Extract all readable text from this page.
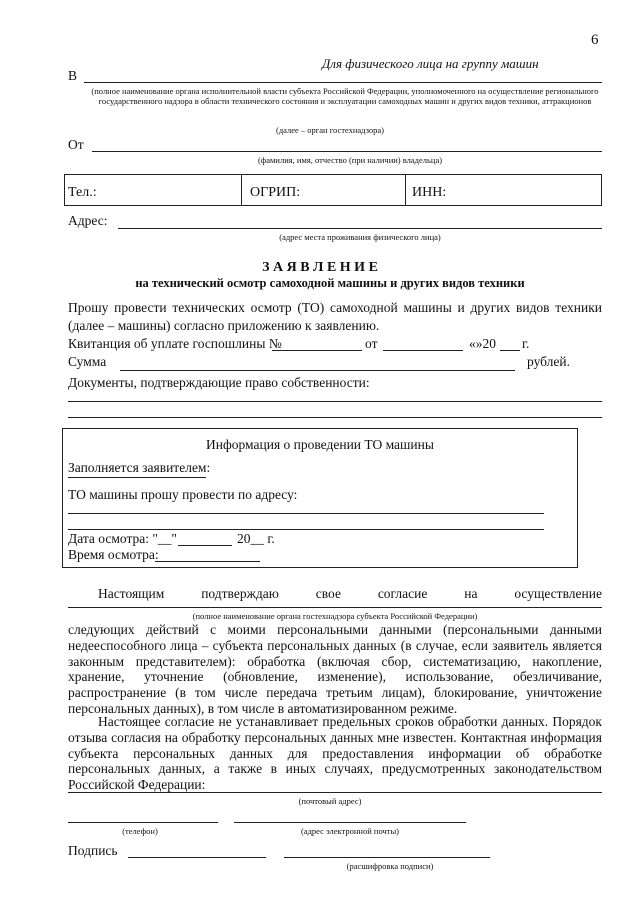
6
Для физического лица на группу машин
В
(полное наименование органа исполнительной власти субъекта Российской Федерации, уполномоченного на осуществление регионального государственного надзора в области технического состояния и эксплуатации самоходных машин и других видов техники, аттракционов
(далее – орган гостехнадзора)
От
(фамилия, имя, отчество (при наличии) владельца)
Тел.:	ОГРИП:	ИНН:
Адрес:
(адрес места проживания физического лица)
З А Я В Л Е Н И Е
на технический осмотр самоходной машины и других видов техники
Прошу провести технических осмотр (ТО) самоходной машины и других видов техники (далее – машины) согласно приложению к заявлению.
Квитанция об уплате госпошлины №	от	«»20 г.
Сумма	рублей.
Документы, подтверждающие право собственности:
Информация о проведении ТО машины
Заполняется заявителем:
ТО машины прошу провести по адресу:
Дата осмотра: "__"	20__ г.
Время осмотра:
Настоящим	подтверждаю	свое	согласие	на	осуществление
(полное наименование органа гостехнадзора субъекта Российской Федерации)
следующих действий с моими персональными данными (персональными данными недееспособного лица – субъекта персональных данных (в случае, если заявитель является законным представителем): обработка (включая сбор, систематизацию, накопление, хранение, уточнение (обновление, изменение), использование, обезличивание, распространение (в том числе передача третьим лицам), блокирование, уничтожение персональных данных), в том числе в автоматизированном режиме.
Настоящее согласие не устанавливает предельных сроков обработки данных. Порядок отзыва согласия на обработку персональных данных мне известен. Контактная информация субъекта персональных данных для предоставления информации об обработке персональных данных, а также в иных случаях, предусмотренных законодательством Российской Федерации:
(почтовый адрес)
(телефон)	(адрес электронной почты)
Подпись
(расшифровка подписи)
